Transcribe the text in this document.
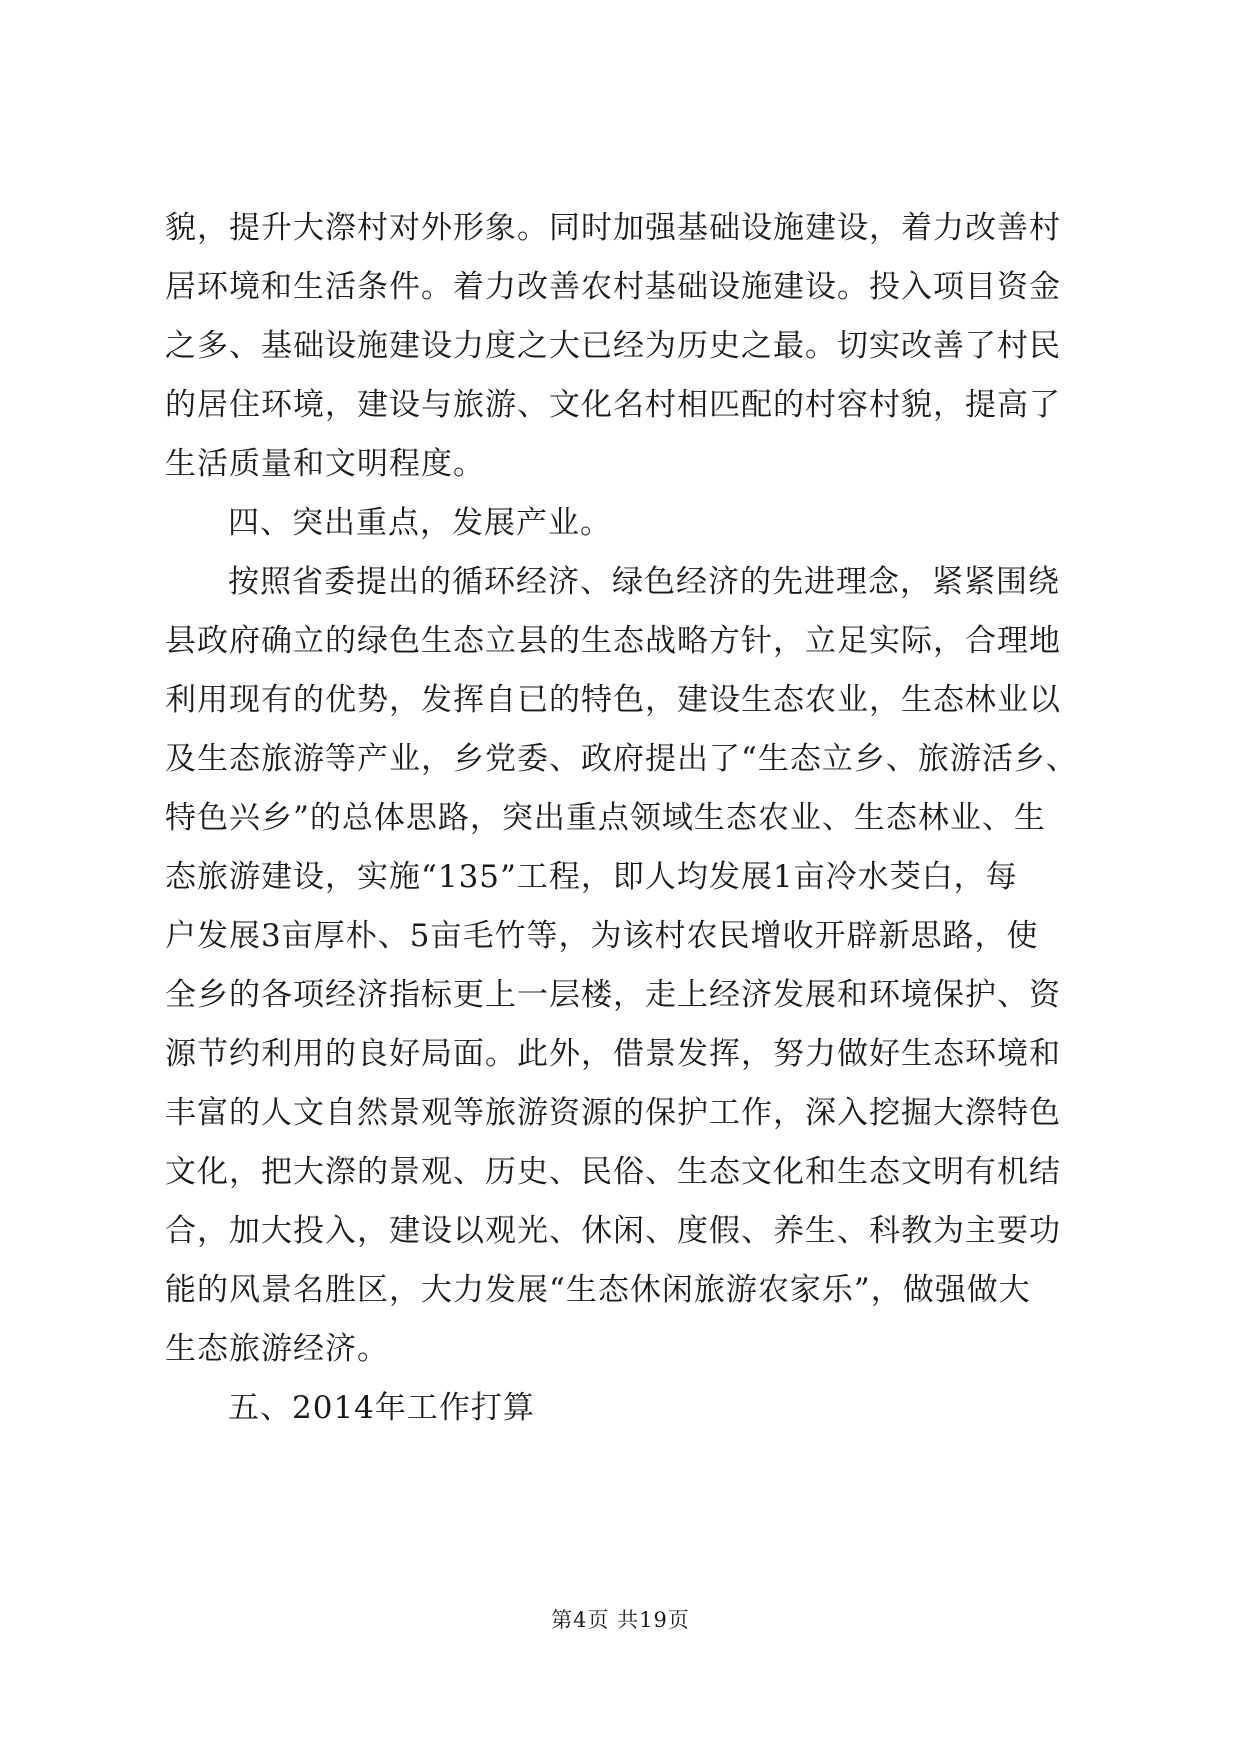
貌，提升大漈村对外形象。同时加强基础设施建设，着力改善村
居环境和生活条件。着力改善农村基础设施建设。投入项目资金
之多、基础设施建设力度之大已经为历史之最。切实改善了村民
的居住环境，建设与旅游、文化名村相匹配的村容村貌，提高了
生活质量和文明程度。
四、突出重点，发展产业。
按照省委提出的循环经济、绿色经济的先进理念，紧紧围绕
县政府确立的绿色生态立县的生态战略方针，立足实际，合理地
利用现有的优势，发挥自已的特色，建设生态农业，生态林业以
及生态旅游等产业，乡党委、政府提出了“生态立乡、旅游活乡、
特色兴乡”的总体思路，突出重点领域生态农业、生态林业、生
态旅游建设，实施“135”工程，即人均发展1亩冷水茭白，每
户发展3亩厚朴、5亩毛竹等，为该村农民增收开辟新思路，使
全乡的各项经济指标更上一层楼，走上经济发展和环境保护、资
源节约利用的良好局面。此外，借景发挥，努力做好生态环境和
丰富的人文自然景观等旅游资源的保护工作，深入挖掘大漈特色
文化，把大漈的景观、历史、民俗、生态文化和生态文明有机结
合，加大投入，建设以观光、休闲、度假、养生、科教为主要功
能的风景名胜区，大力发展“生态休闲旅游农家乐”，做强做大
生态旅游经济。
五、2014年工作打算
第4页 共19页
